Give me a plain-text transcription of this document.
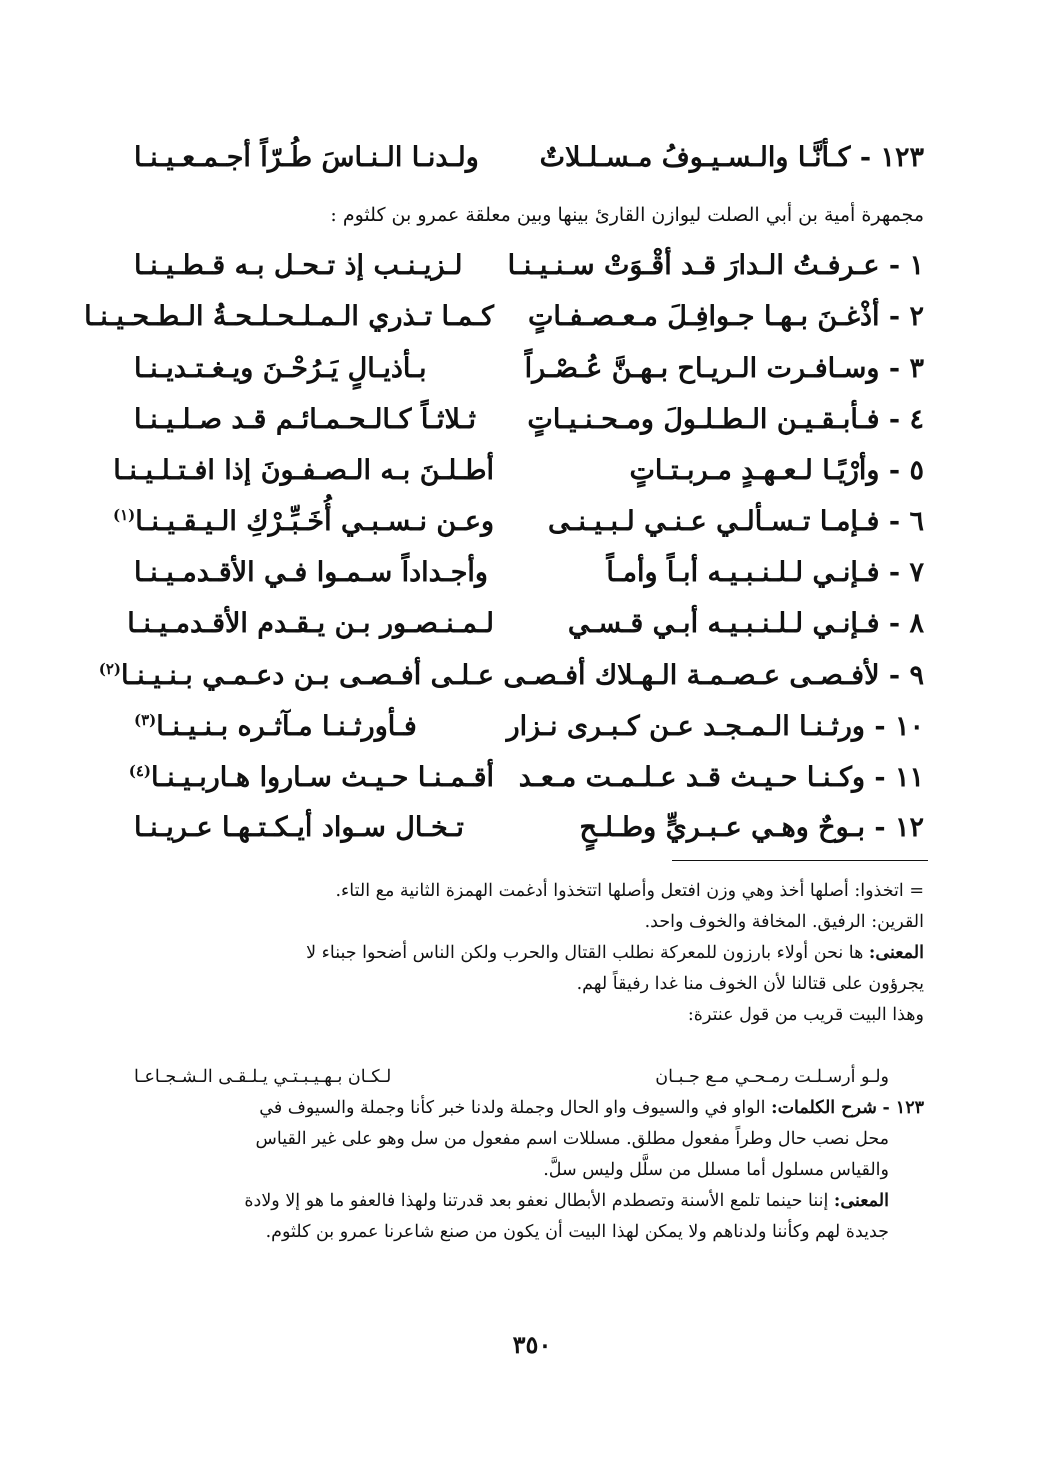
١٢٣ - كـأنَّـا والـسـيـوفُ مـسـلـلاتٌ
ولـدنـا الـنـاسَ طُـرّاً أجـمـعـيـنـا
مجمهرة أمية بن أبي الصلت ليوازن القارئ بينها وبين معلقة عمرو بن كلثوم :
١ - عـرفـتُ الـدارَ قـد أقْـوَتْ سـنـيـنـا
لـزيـنـب إذ تـحـل بـه قـطـيـنـا
٢ - أذْغـنَ بـهـا جـوافِـلَ مـعـصـفـاتٍ
كـمـا تـذري الـمـلـحـلـحـةُ الـطـحـيـنـا
٣ - وسـافـرت الـريـاح بـهـنَّ عُـصْـراً
بـأذيـالٍ يَـرُحْـنَ ويـغـتـديـنـا
٤ - فـأبـقـيـن الـطـلـولَ ومـحـنـيـاتٍ
ثـلاثـاً كـالـحـمـائـم قـد صـلـيـنـا
٥ - وأرْيًـا لـعـهـدٍ مـربـتـاتٍ
أطـلـنَ بـه الـصـفـونَ إذا افـتـلـيـنـا
٦ - فـإمـا تـسـألـي عـنـي لـبـيـنـى
وعـن نـسـبـي أُخَـبِّـرْكِ الـيـقـيـنـا$^{(١)}$
٧ - فـإنـي لـلـنـبـيـه أبـاً وأمـاً
وأجـداداً سـمـوا فـي الأقـدمـيـنـا
٨ - فـإنـي لـلـنـبـيـه أبـي قـسـي
لـمـنـصـور بـن يـقـدم الأقـدمـيـنـا
٩ - لأفـصـى عـصـمـة الـهـلاك أفـصـى
عـلـى أفـصـى بـن دعـمـي بـنـيـنـا$^{(٢)}$
١٠ - ورثـنـا الـمـجـد عـن كـبـرى نـزار
فـأورثـنـا مـآثـره بـنـيـنـا$^{(٣)}$
١١ - وكـنـا حـيـث قـد عـلـمـت مـعـد
أقـمـنـا حـيـث سـاروا هـاربـيـنـا$^{(٤)}$
١٢ - بـوحٌ وهـي عـبـريٍّ وطـلـحٍ
تـخـال سـواد أيـكـتـهـا عـريـنـا
= اتخذوا: أصلها أخذ وهي وزن افتعل وأصلها اتتخذوا أدغمت الهمزة الثانية مع التاء.
القرين: الرفيق. المخافة والخوف واحد.
المعنى: ها نحن أولاء بارزون للمعركة نطلب القتال والحرب ولكن الناس أضحوا جبناء لا
يجرؤون على قتالنا لأن الخوف منا غدا رفيقاً لهم.
وهذا البيت قريب من قول عنترة:
ولـو أرسـلـت رمـحـي مـع جـبـان
لـكـان بـهـيـبـتـي يـلـقـى الـشـجـاعـا
١٢٣ - شرح الكلمات: الواو في والسيوف واو الحال وجملة ولدنا خبر كأنا وجملة والسيوف في
محل نصب حال وطراً مفعول مطلق. مسللات اسم مفعول من سل وهو على غير القياس
والقياس مسلول أما مسلل من سلَّل وليس سلَّ.
المعنى: إننا حينما تلمع الأسنة وتصطدم الأبطال نعفو بعد قدرتنا ولهذا فالعفو ما هو إلا ولادة
جديدة لهم وكأننا ولدناهم ولا يمكن لهذا البيت أن يكون من صنع شاعرنا عمرو بن كلثوم.
٣٥٠
